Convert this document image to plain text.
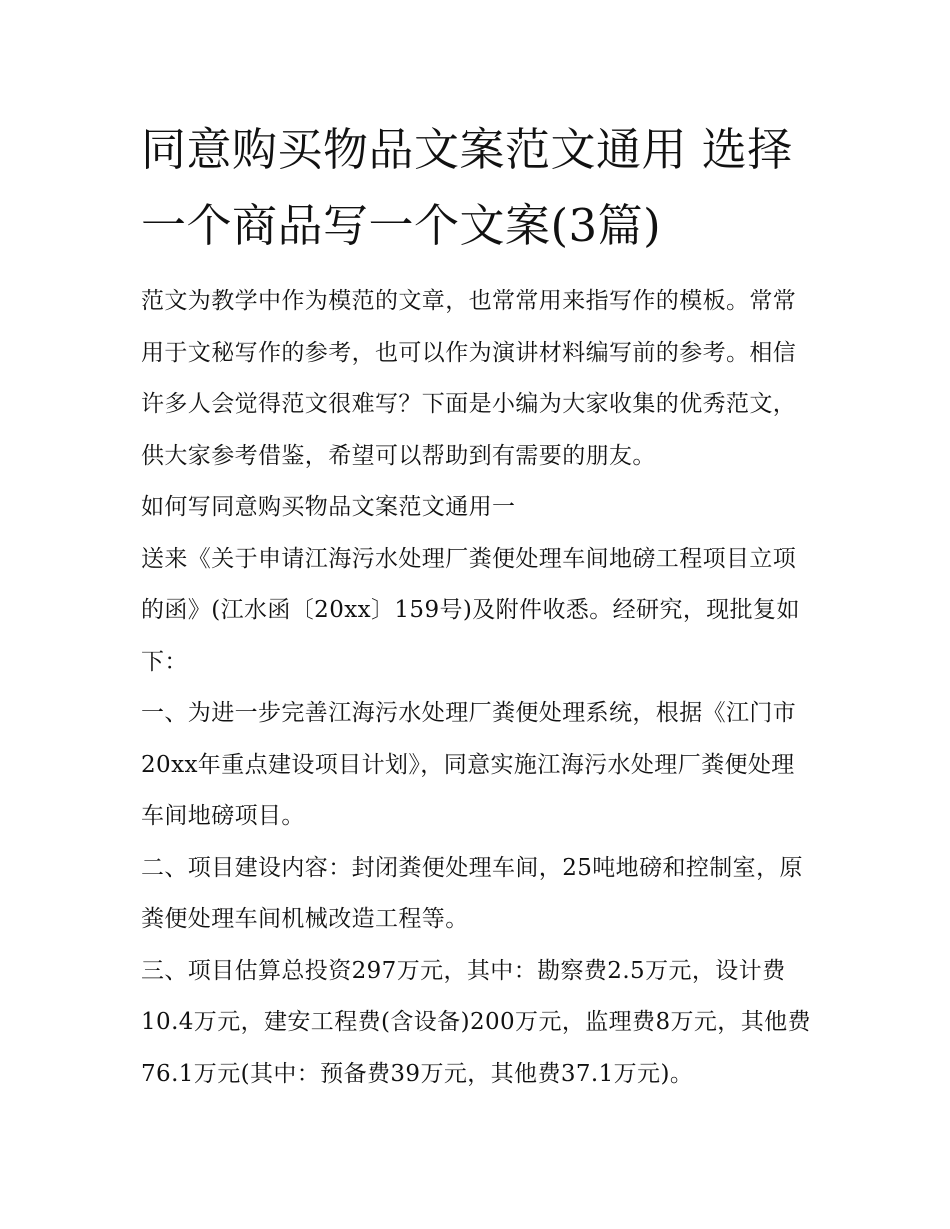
同意购买物品文案范文通用 选择一个商品写一个文案(3篇)

范文为教学中作为模范的文章，也常常用来指写作的模板。常常用于文秘写作的参考，也可以作为演讲材料编写前的参考。相信许多人会觉得范文很难写？下面是小编为大家收集的优秀范文，供大家参考借鉴，希望可以帮助到有需要的朋友。

如何写同意购买物品文案范文通用一

送来《关于申请江海污水处理厂粪便处理车间地磅工程项目立项的函》(江水函〔20xx〕159号)及附件收悉。经研究，现批复如下：

一、为进一步完善江海污水处理厂粪便处理系统，根据《江门市20xx年重点建设项目计划》，同意实施江海污水处理厂粪便处理车间地磅项目。

二、项目建设内容：封闭粪便处理车间，25吨地磅和控制室，原粪便处理车间机械改造工程等。

三、项目估算总投资297万元，其中：勘察费2.5万元，设计费10.4万元，建安工程费(含设备)200万元，监理费8万元，其他费76.1万元(其中：预备费39万元，其他费37.1万元)。
